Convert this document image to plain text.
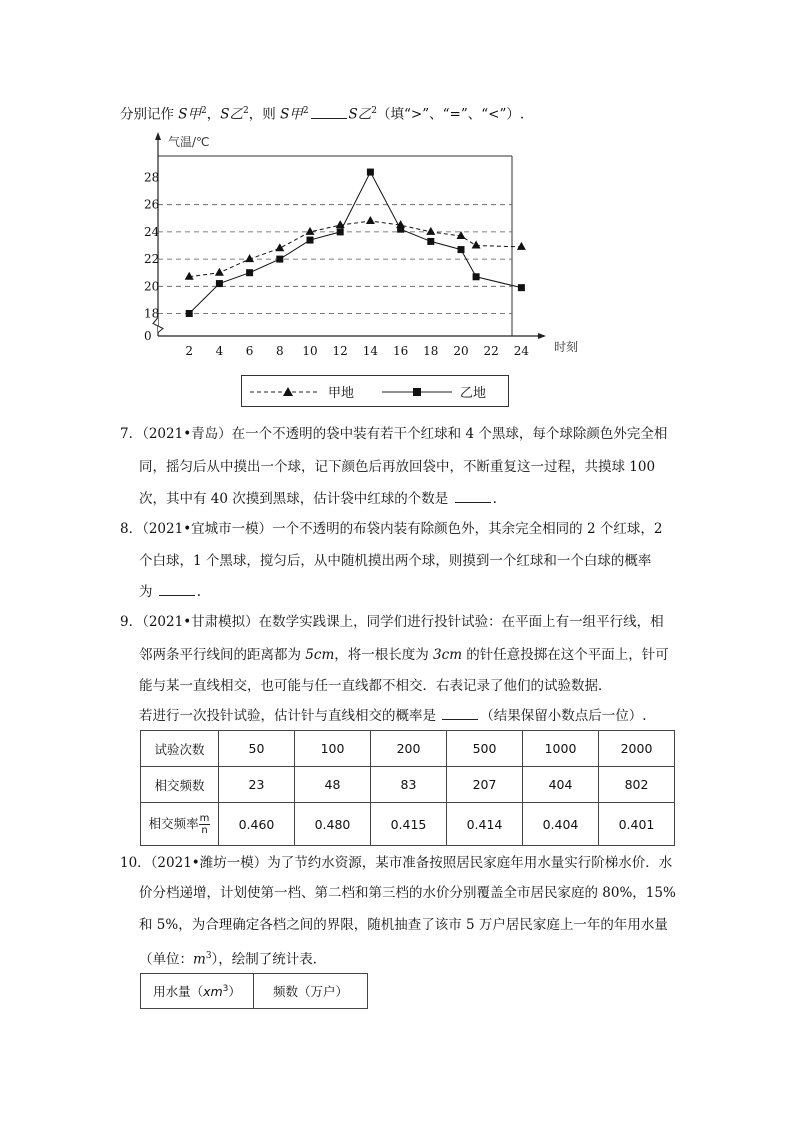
分别记作 S甲$^2$，S乙$^2$，则 S甲$^2$	S乙$^2$（填“>”、“=”、“<”）.
0
18
20
22
24
26
28
2 4 6 8 10 12 14 16 18 20 22 24
气温/℃
时刻
甲地	乙地
7．（2021•青岛）在一个不透明的袋中装有若干个红球和 4 个黑球，每个球除颜色外完全相
同，摇匀后从中摸出一个球，记下颜色后再放回袋中，不断重复这一过程，共摸球 100
次，其中有 40 次摸到黑球，估计袋中红球的个数是	.
8．（2021•宜城市一模）一个不透明的布袋内装有除颜色外，其余完全相同的 2 个红球，2
个白球，1 个黑球，搅匀后，从中随机摸出两个球，则摸到一个红球和一个白球的概率
为	.
9．（2021•甘肃模拟）在数学实践课上，同学们进行投针试验：在平面上有一组平行线，相
邻两条平行线间的距离都为 5cm，将一根长度为 3cm 的针任意投掷在这个平面上，针可
能与某一直线相交，也可能与任一直线都不相交．右表记录了他们的试验数据．
若进行一次投针试验，估计针与直线相交的概率是	（结果保留小数点后一位）.
试验次数	50	100	200	500	1000	2000
相交频数	23	48	83	207	404	802
相交频率 $\frac{m}{n}$	0.460	0.480	0.415	0.414	0.404	0.401
10．（2021•潍坊一模）为了节约水资源，某市准备按照居民家庭年用水量实行阶梯水价．水
价分档递增，计划使第一档、第二档和第三档的水价分别覆盖全市居民家庭的 80%，15%
和 5%，为合理确定各档之间的界限，随机抽查了该市 5 万户居民家庭上一年的年用水量
（单位：$m^3$），绘制了统计表．
用水量$(xm^3)$	频数（万户）
